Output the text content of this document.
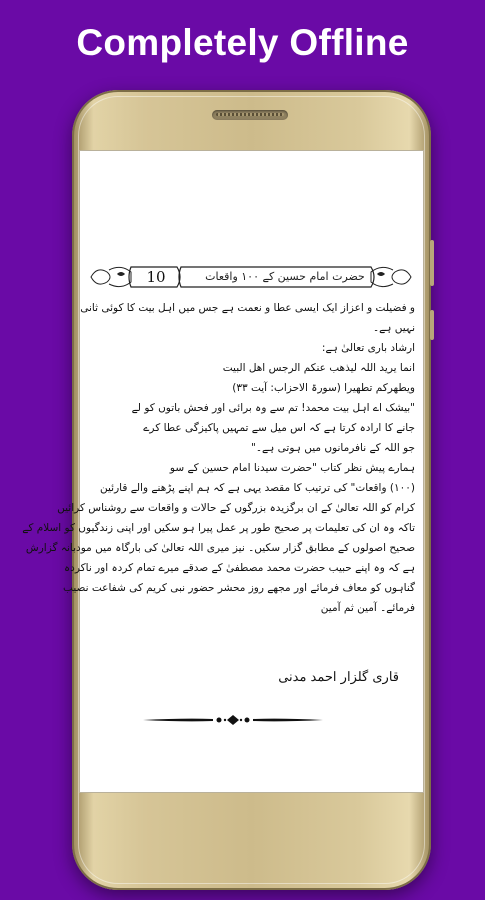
Completely Offline
10	حضرت امام حسین کے ۱۰۰ واقعات

و فضیلت و اعزاز ایک ایسی عطا و نعمت ہے جس میں اہل بیت کا کوئی ثانی

نہیں ہے۔

ارشاد باری تعالیٰ ہے:

انما یرید اللہ لیذھب عنکم الرجس اھل البیت

ویطھرکم تطھیرا (سورۃ الاحزاب: آیت ۳۳)

"بیشک اے اہل بیت محمد! تم سے وہ برائی اور فحش باتوں کو لے

جانے کا ارادہ کرتا ہے کہ اس میل سے تمہیں پاکیزگی عطا کرے

جو اللہ کے نافرمانوں میں ہوتی ہے۔"

ہمارے پیش نظر کتاب "حضرت سیدنا امام حسین کے سو

(۱۰۰) واقعات" کی ترتیب کا مقصد یہی ہے کہ ہم اپنے پڑھنے والے قارئین

کرام کو اللہ تعالیٰ کے ان برگزیدہ بزرگوں کے حالات و واقعات سے روشناس کرائیں

تاکہ وہ ان کی تعلیمات پر صحیح طور پر عمل پیرا ہو سکیں اور اپنی زندگیوں کو اسلام کے

صحیح اصولوں کے مطابق گزار سکیں۔ نیز میری اللہ تعالیٰ کی بارگاہ میں مودبانہ گزارش

ہے کہ وہ اپنے حبیب حضرت محمد مصطفیٰ کے صدقے میرے تمام کردہ اور ناکردہ

گناہوں کو معاف فرمائے اور مجھے روز محشر حضور نبی کریم کی شفاعت نصیب

فرمائے۔ آمین ثم آمین

قاری گلزار احمد مدنی
